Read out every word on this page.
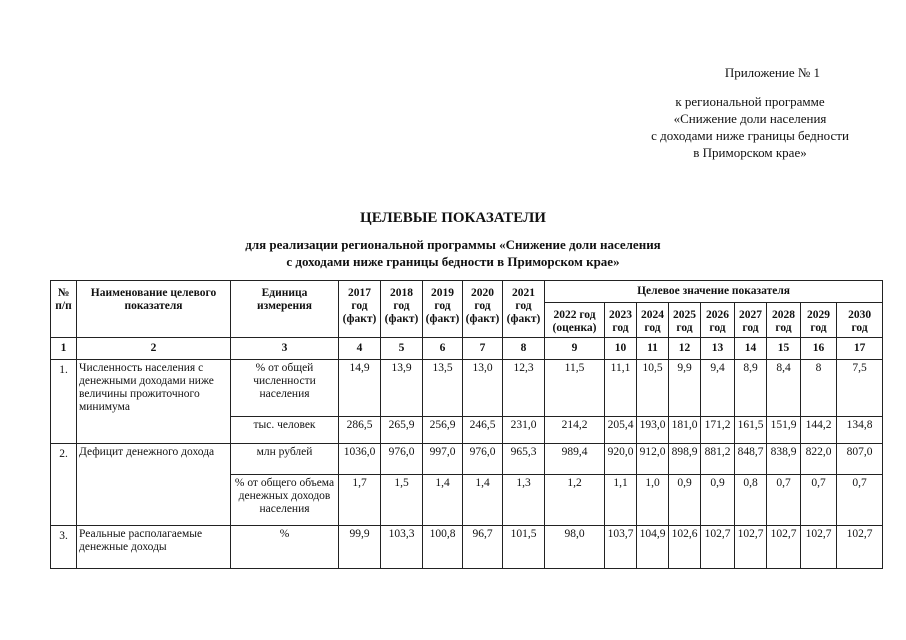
Приложение № 1
к региональной программе
«Снижение доли населения
с доходами ниже границы бедности
в Приморском крае»
ЦЕЛЕВЫЕ ПОКАЗАТЕЛИ
для реализации региональной программы «Снижение доли населения
с доходами ниже границы бедности в Приморском крае»
№ п/п	Наименование целевого показателя	Единица измерения	2017 год (факт)	2018 год (факт)	2019 год (факт)	2020 год (факт)	2021 год (факт)	Целевое значение показателя								
								2022 год (оценка)	2023 год	2024 год	2025 год	2026 год	2027 год	2028 год	2029 год	2030 год
1	2	3	4	5	6	7	8	9	10	11	12	13	14	15	16	17
1.	Численность населения с денежными доходами ниже величины прожиточного минимума	% от общей численности населения	14,9	13,9	13,5	13,0	12,3	11,5	11,1	10,5	9,9	9,4	8,9	8,4	8	7,5
		тыс. человек	286,5	265,9	256,9	246,5	231,0	214,2	205,4	193,0	181,0	171,2	161,5	151,9	144,2	134,8
2.	Дефицит денежного дохода	млн рублей	1036,0	976,0	997,0	976,0	965,3	989,4	920,0	912,0	898,9	881,2	848,7	838,9	822,0	807,0
		% от общего объема денежных доходов населения	1,7	1,5	1,4	1,4	1,3	1,2	1,1	1,0	0,9	0,9	0,8	0,7	0,7	0,7
3.	Реальные располагаемые денежные доходы	%	99,9	103,3	100,8	96,7	101,5	98,0	103,7	104,9	102,6	102,7	102,7	102,7	102,7	102,7
